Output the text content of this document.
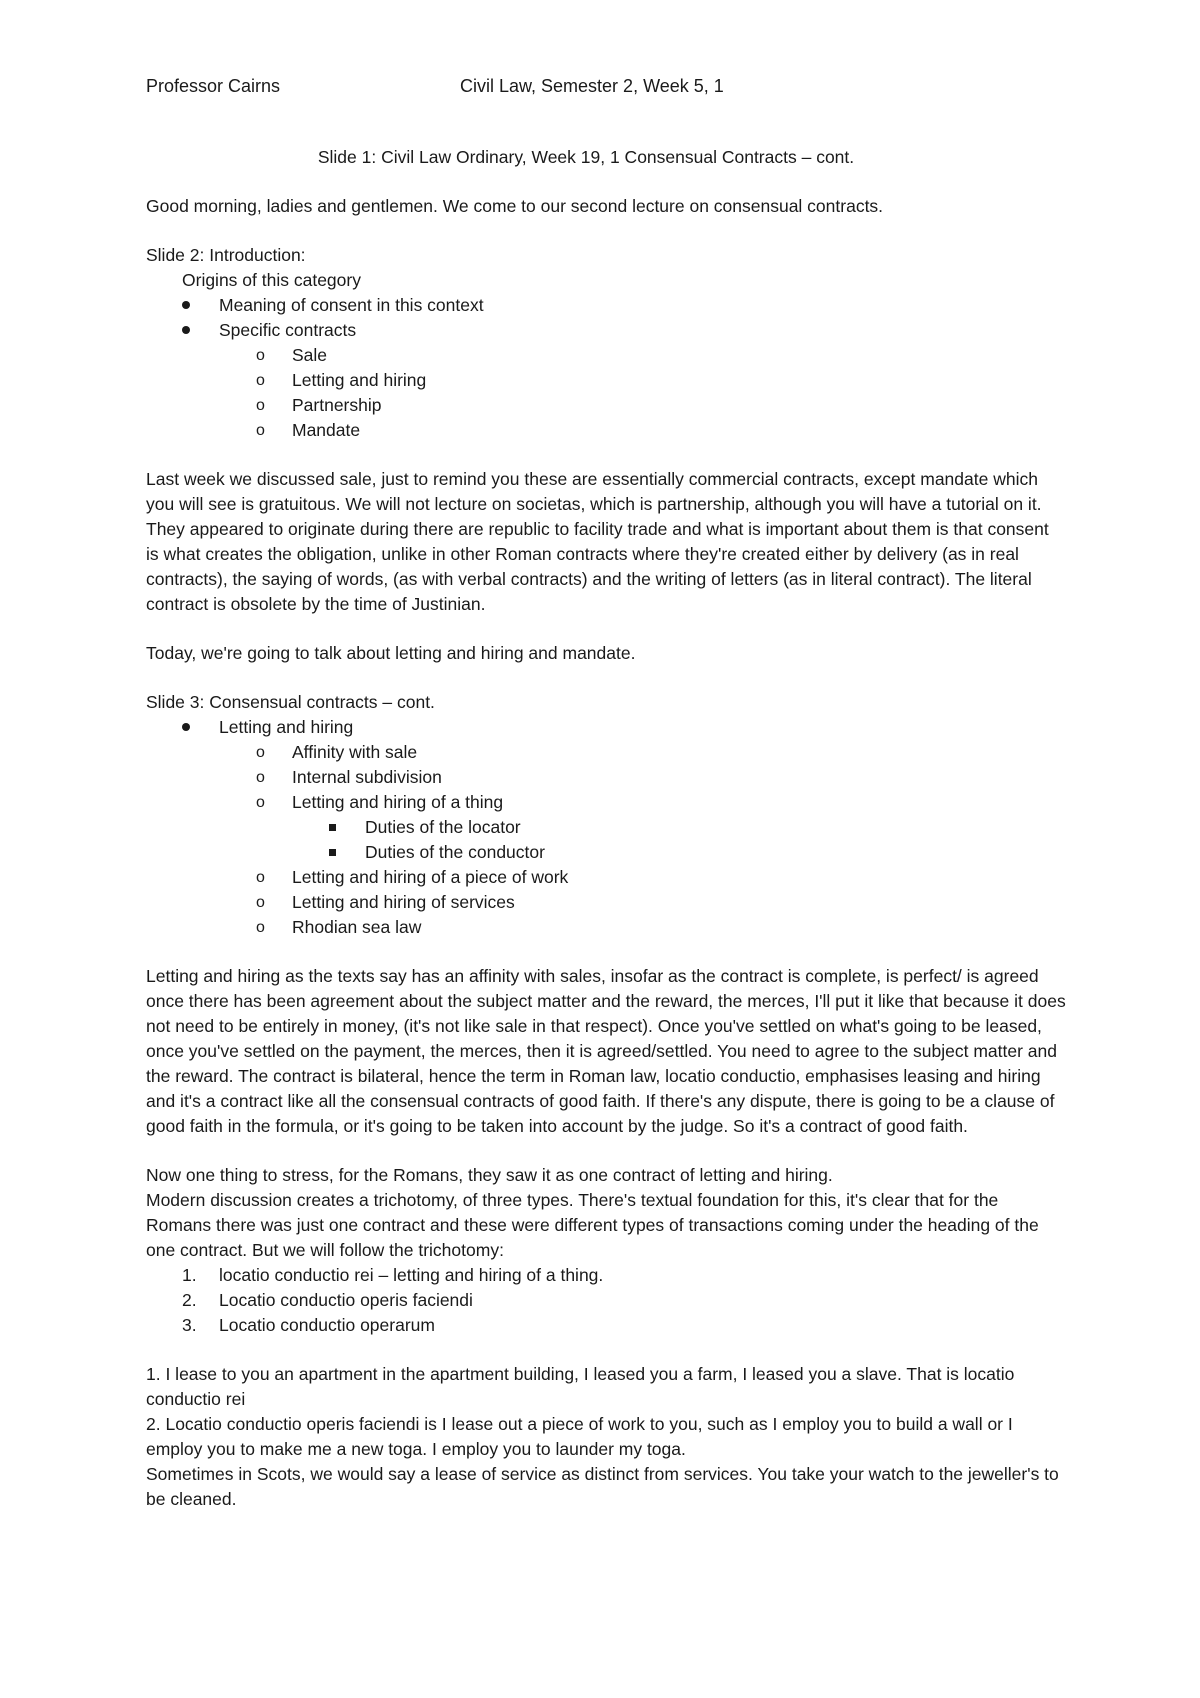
Professor Cairns	Civil Law, Semester 2, Week 5, 1

Slide 1: Civil Law Ordinary, Week 19, 1 Consensual Contracts – cont.

Good morning, ladies and gentlemen. We come to our second lecture on consensual contracts.

Slide 2: Introduction:

Origins of this category

Meaning of consent in this context
Specific contracts
o Sale
o Letting and hiring
o Partnership
o Mandate

Last week we discussed sale, just to remind you these are essentially commercial contracts, except mandate which you will see is gratuitous. We will not lecture on societas, which is partnership, although you will have a tutorial on it. They appeared to originate during there are republic to facility trade and what is important about them is that consent is what creates the obligation, unlike in other Roman contracts where they're created either by delivery (as in real contracts), the saying of words, (as with verbal contracts) and the writing of letters (as in literal contract). The literal contract is obsolete by the time of Justinian.

Today, we're going to talk about letting and hiring and mandate.

Slide 3: Consensual contracts – cont.

Letting and hiring
o Affinity with sale
o Internal subdivision
o Letting and hiring of a thing
Duties of the locator
Duties of the conductor
o Letting and hiring of a piece of work
o Letting and hiring of services
o Rhodian sea law

Letting and hiring as the texts say has an affinity with sales, insofar as the contract is complete, is perfect/ is agreed once there has been agreement about the subject matter and the reward, the merces, I'll put it like that because it does not need to be entirely in money, (it's not like sale in that respect). Once you've settled on what's going to be leased, once you've settled on the payment, the merces, then it is agreed/settled. You need to agree to the subject matter and the reward. The contract is bilateral, hence the term in Roman law, locatio conductio, emphasises leasing and hiring and it's a contract like all the consensual contracts of good faith. If there's any dispute, there is going to be a clause of good faith in the formula, or it's going to be taken into account by the judge. So it's a contract of good faith.

Now one thing to stress, for the Romans, they saw it as one contract of letting and hiring.

Modern discussion creates a trichotomy, of three types. There's textual foundation for this, it's clear that for the Romans there was just one contract and these were different types of transactions coming under the heading of the one contract. But we will follow the trichotomy:

1. locatio conductio rei – letting and hiring of a thing.
2. Locatio conductio operis faciendi
3. Locatio conductio operarum

1. I lease to you an apartment in the apartment building, I leased you a farm, I leased you a slave. That is locatio conductio rei

2. Locatio conductio operis faciendi is I lease out a piece of work to you, such as I employ you to build a wall or I employ you to make me a new toga. I employ you to launder my toga.

Sometimes in Scots, we would say a lease of service as distinct from services. You take your watch to the jeweller's to be cleaned.
